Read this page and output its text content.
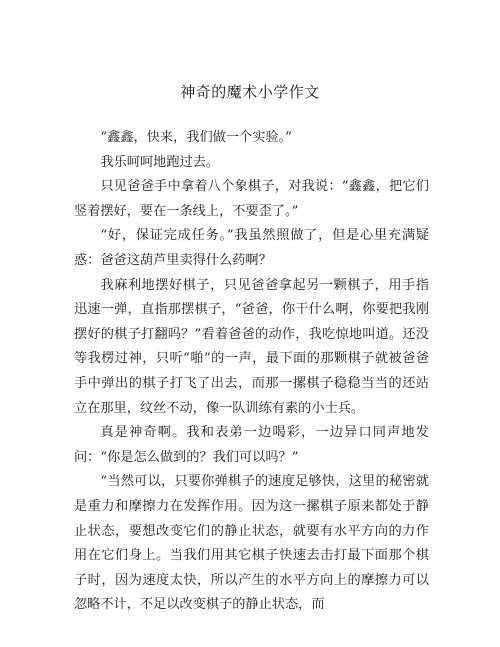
神奇的魔术小学作文

“鑫鑫，快来，我们做一个实验。”

我乐呵呵地跑过去。

只见爸爸手中拿着八个象棋子，对我说：“鑫鑫，把它们竖着摆好，要在一条线上，不要歪了。”

“好，保证完成任务。”我虽然照做了，但是心里充满疑惑：爸爸这葫芦里卖得什么药啊？

我麻利地摆好棋子，只见爸爸拿起另一颗棋子，用手指迅速一弹，直指那摆棋子，“爸爸，你干什么啊，你要把我刚摆好的棋子打翻吗？”看着爸爸的动作，我吃惊地叫道。还没等我楞过神，只听“啪”的一声，最下面的那颗棋子就被爸爸手中弹出的棋子打飞了出去，而那一摞棋子稳稳当当的还站立在那里，纹丝不动，像一队训练有素的小士兵。

真是神奇啊。我和表弟一边喝彩，一边异口同声地发问：“你是怎么做到的？我们可以吗？”

“当然可以，只要你弹棋子的速度足够快，这里的秘密就是重力和摩擦力在发挥作用。因为这一摞棋子原来都处于静止状态，要想改变它们的静止状态，就要有水平方向的力作用在它们身上。当我们用其它棋子快速去击打最下面那个棋子时，因为速度太快，所以产生的水平方向上的摩擦力可以忽略不计，不足以改变棋子的静止状态，而
